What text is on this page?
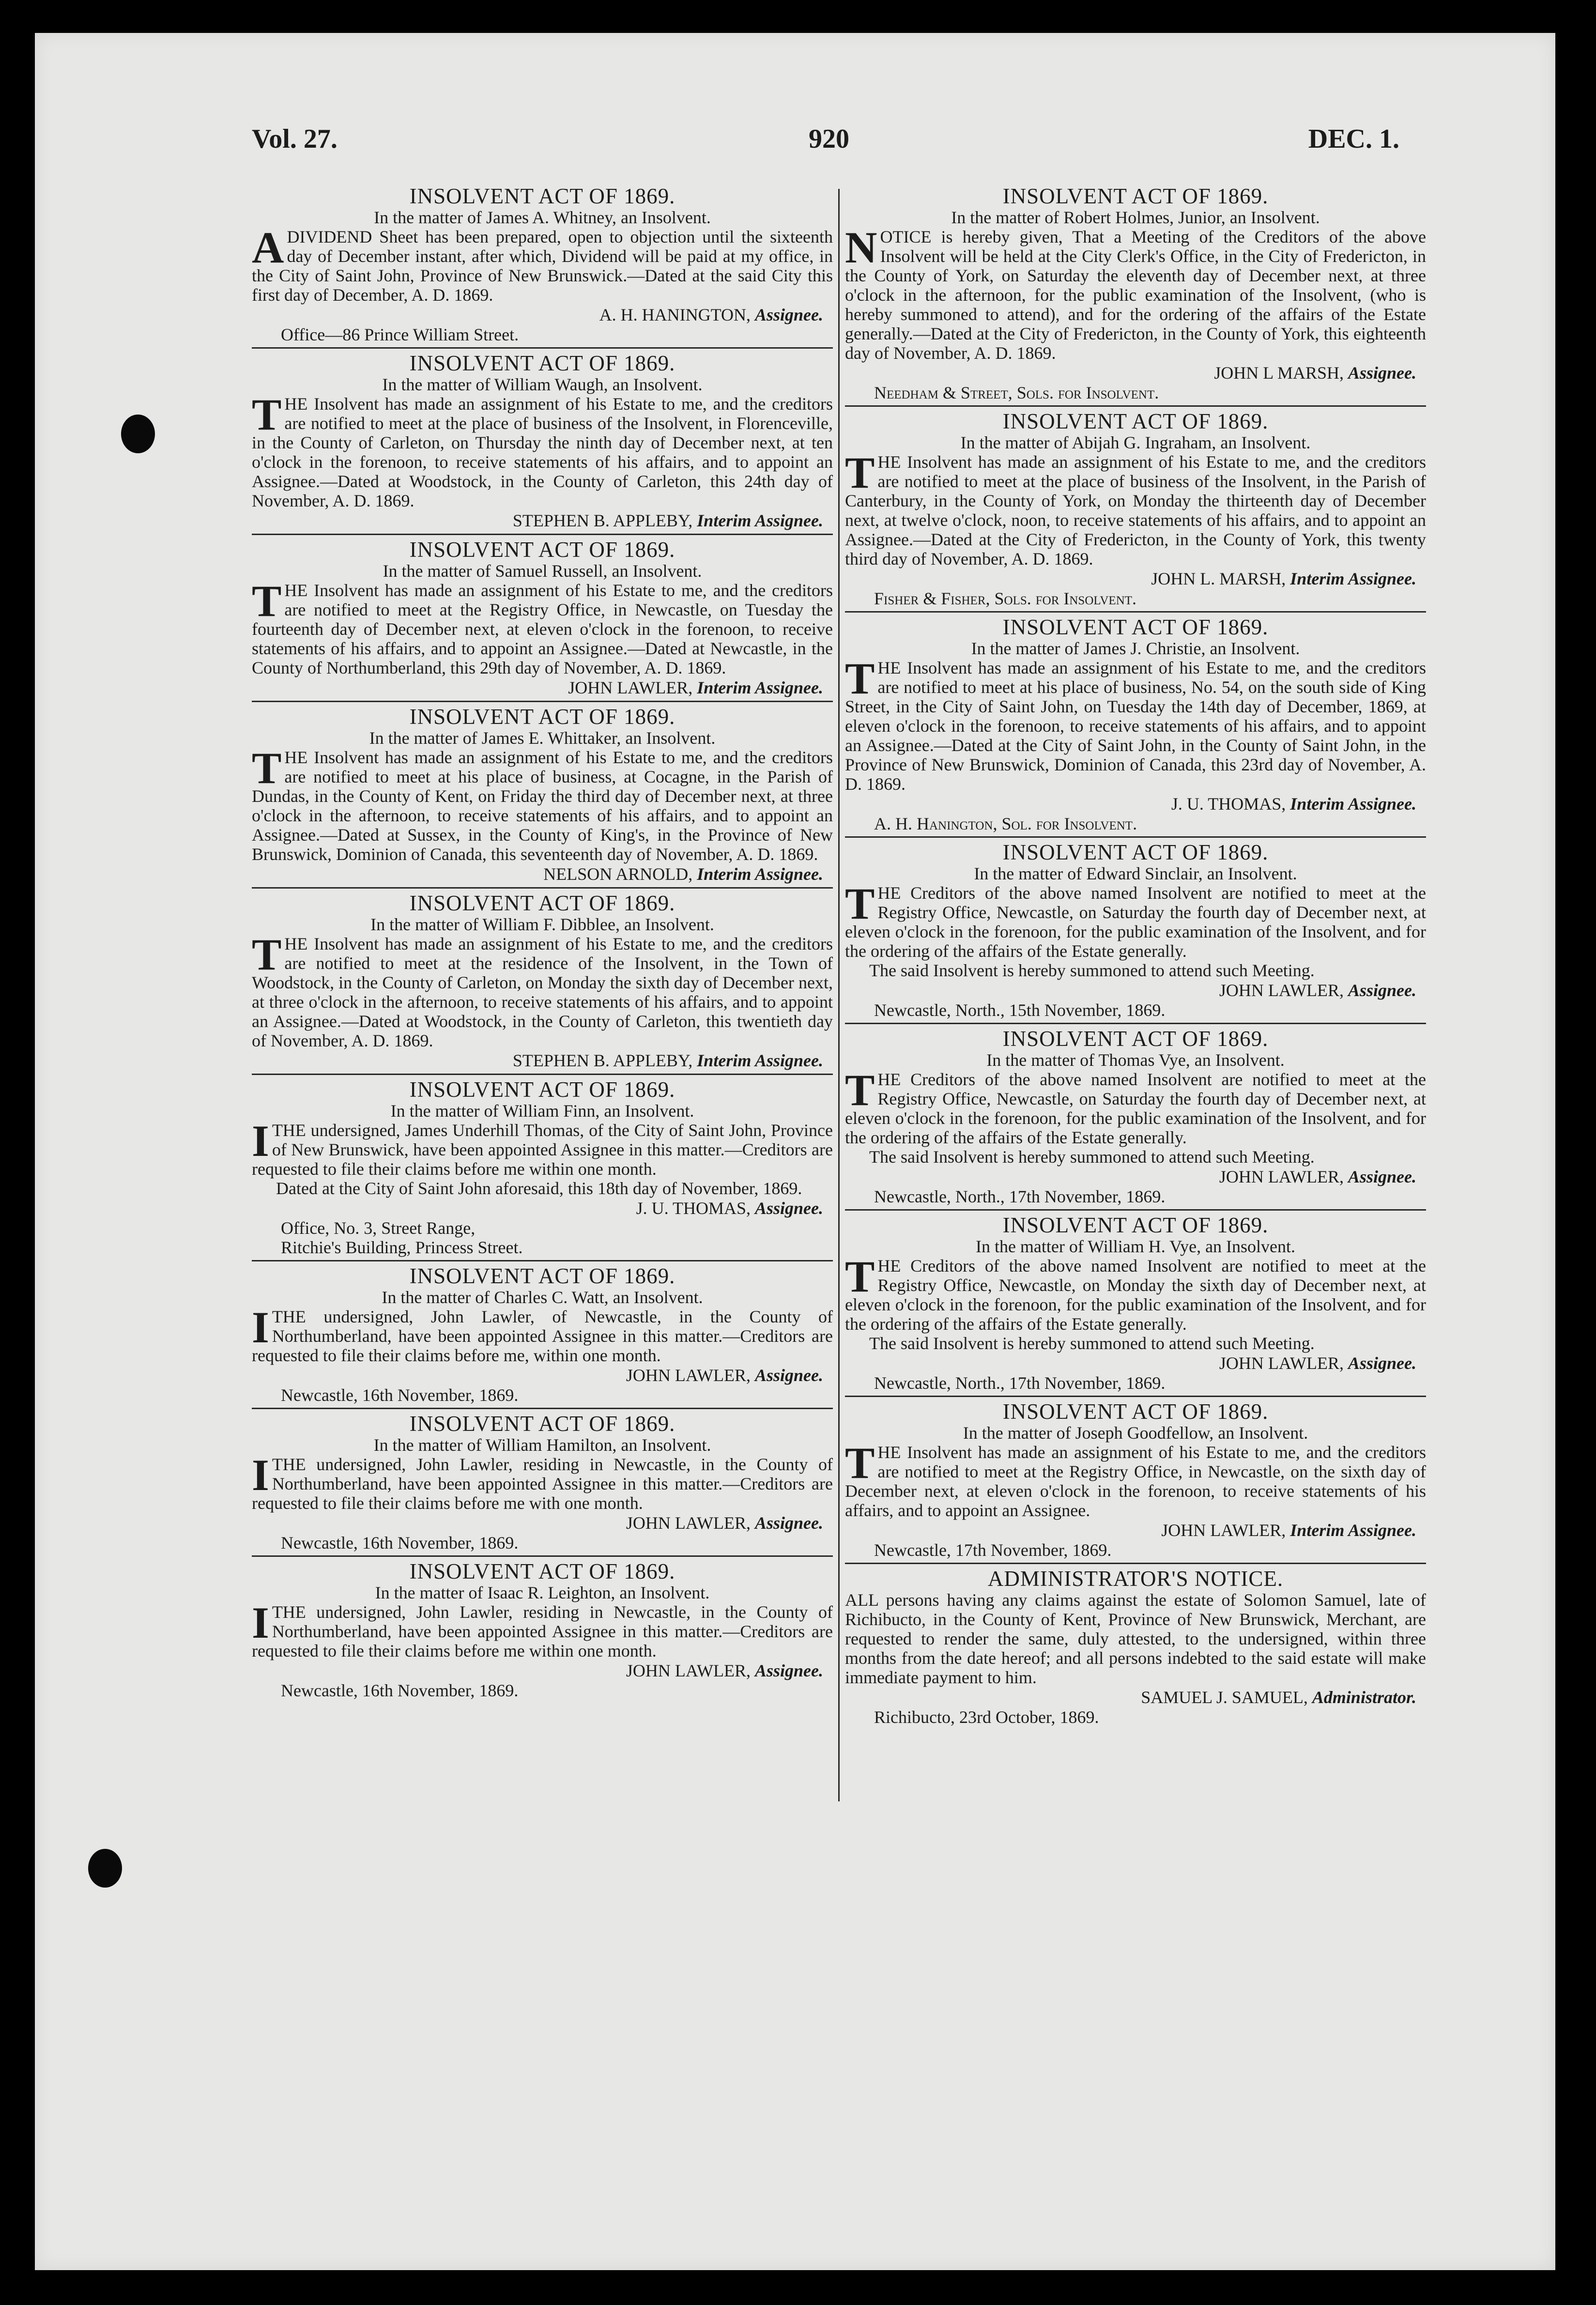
Vol. 27.	920	DEC. 1.
INSOLVENT ACT OF 1869.
In the matter of James A. Whitney, an Insolvent.
ADIVIDEND Sheet has been prepared, open to objection until the sixteenth day of December instant, after which, Dividend will be paid at my office, in the City of Saint John, Province of New Brunswick.—Dated at the said City this first day of December, A. D. 1869.
A. H. HANINGTON, Assignee.
Office—86 Prince William Street.
INSOLVENT ACT OF 1869.
In the matter of William Waugh, an Insolvent.
THE Insolvent has made an assignment of his Estate to me, and the creditors are notified to meet at the place of business of the Insolvent, in Florenceville, in the County of Carleton, on Thursday the ninth day of December next, at ten o'clock in the forenoon, to receive statements of his affairs, and to appoint an Assignee.—Dated at Woodstock, in the County of Carleton, this 24th day of November, A. D. 1869.
STEPHEN B. APPLEBY, Interim Assignee.
INSOLVENT ACT OF 1869.
In the matter of Samuel Russell, an Insolvent.
THE Insolvent has made an assignment of his Estate to me, and the creditors are notified to meet at the Registry Office, in Newcastle, on Tuesday the fourteenth day of December next, at eleven o'clock in the forenoon, to receive statements of his affairs, and to appoint an Assignee.—Dated at Newcastle, in the County of Northumberland, this 29th day of November, A. D. 1869.
JOHN LAWLER, Interim Assignee.
INSOLVENT ACT OF 1869.
In the matter of James E. Whittaker, an Insolvent.
THE Insolvent has made an assignment of his Estate to me, and the creditors are notified to meet at his place of business, at Cocagne, in the Parish of Dundas, in the County of Kent, on Friday the third day of December next, at three o'clock in the afternoon, to receive statements of his affairs, and to appoint an Assignee.—Dated at Sussex, in the County of King's, in the Province of New Brunswick, Dominion of Canada, this seventeenth day of November, A. D. 1869.
NELSON ARNOLD, Interim Assignee.
INSOLVENT ACT OF 1869.
In the matter of William F. Dibblee, an Insolvent.
THE Insolvent has made an assignment of his Estate to me, and the creditors are notified to meet at the residence of the Insolvent, in the Town of Woodstock, in the County of Carleton, on Monday the sixth day of December next, at three o'clock in the afternoon, to receive statements of his affairs, and to appoint an Assignee.—Dated at Woodstock, in the County of Carleton, this twentieth day of November, A. D. 1869.
STEPHEN B. APPLEBY, Interim Assignee.
INSOLVENT ACT OF 1869.
In the matter of William Finn, an Insolvent.
ITHE undersigned, James Underhill Thomas, of the City of Saint John, Province of New Brunswick, have been appointed Assignee in this matter.—Creditors are requested to file their claims before me within one month.
Dated at the City of Saint John aforesaid, this 18th day of November, 1869.
J. U. THOMAS, Assignee.
Office, No. 3, Street Range,
Ritchie's Building, Princess Street.
INSOLVENT ACT OF 1869.
In the matter of Charles C. Watt, an Insolvent.
ITHE undersigned, John Lawler, of Newcastle, in the County of Northumberland, have been appointed Assignee in this matter.—Creditors are requested to file their claims before me, within one month.
JOHN LAWLER, Assignee.
Newcastle, 16th November, 1869.
INSOLVENT ACT OF 1869.
In the matter of William Hamilton, an Insolvent.
ITHE undersigned, John Lawler, residing in Newcastle, in the County of Northumberland, have been appointed Assignee in this matter.—Creditors are requested to file their claims before me with one month.
JOHN LAWLER, Assignee.
Newcastle, 16th November, 1869.
INSOLVENT ACT OF 1869.
In the matter of Isaac R. Leighton, an Insolvent.
ITHE undersigned, John Lawler, residing in Newcastle, in the County of Northumberland, have been appointed Assignee in this matter.—Creditors are requested to file their claims before me within one month.
JOHN LAWLER, Assignee.
Newcastle, 16th November, 1869.
INSOLVENT ACT OF 1869.
In the matter of Robert Holmes, Junior, an Insolvent.
NOTICE is hereby given, That a Meeting of the Creditors of the above Insolvent will be held at the City Clerk's Office, in the City of Fredericton, in the County of York, on Saturday the eleventh day of December next, at three o'clock in the afternoon, for the public examination of the Insolvent, (who is hereby summoned to attend), and for the ordering of the affairs of the Estate generally.—Dated at the City of Fredericton, in the County of York, this eighteenth day of November, A. D. 1869.
JOHN L MARSH, Assignee.
Needham & Street, Sols. for Insolvent.
INSOLVENT ACT OF 1869.
In the matter of Abijah G. Ingraham, an Insolvent.
THE Insolvent has made an assignment of his Estate to me, and the creditors are notified to meet at the place of business of the Insolvent, in the Parish of Canterbury, in the County of York, on Monday the thirteenth day of December next, at twelve o'clock, noon, to receive statements of his affairs, and to appoint an Assignee.—Dated at the City of Fredericton, in the County of York, this twenty third day of November, A. D. 1869.
JOHN L. MARSH, Interim Assignee.
Fisher & Fisher, Sols. for Insolvent.
INSOLVENT ACT OF 1869.
In the matter of James J. Christie, an Insolvent.
THE Insolvent has made an assignment of his Estate to me, and the creditors are notified to meet at his place of business, No. 54, on the south side of King Street, in the City of Saint John, on Tuesday the 14th day of December, 1869, at eleven o'clock in the forenoon, to receive statements of his affairs, and to appoint an Assignee.—Dated at the City of Saint John, in the County of Saint John, in the Province of New Brunswick, Dominion of Canada, this 23rd day of November, A. D. 1869.
J. U. THOMAS, Interim Assignee.
A. H. Hanington, Sol. for Insolvent.
INSOLVENT ACT OF 1869.
In the matter of Edward Sinclair, an Insolvent.
THE Creditors of the above named Insolvent are notified to meet at the Registry Office, Newcastle, on Saturday the fourth day of December next, at eleven o'clock in the forenoon, for the public examination of the Insolvent, and for the ordering of the affairs of the Estate generally.
The said Insolvent is hereby summoned to attend such Meeting.
JOHN LAWLER, Assignee.
Newcastle, North., 15th November, 1869.
INSOLVENT ACT OF 1869.
In the matter of Thomas Vye, an Insolvent.
THE Creditors of the above named Insolvent are notified to meet at the Registry Office, Newcastle, on Saturday the fourth day of December next, at eleven o'clock in the forenoon, for the public examination of the Insolvent, and for the ordering of the affairs of the Estate generally.
The said Insolvent is hereby summoned to attend such Meeting.
JOHN LAWLER, Assignee.
Newcastle, North., 17th November, 1869.
INSOLVENT ACT OF 1869.
In the matter of William H. Vye, an Insolvent.
THE Creditors of the above named Insolvent are notified to meet at the Registry Office, Newcastle, on Monday the sixth day of December next, at eleven o'clock in the forenoon, for the public examination of the Insolvent, and for the ordering of the affairs of the Estate generally.
The said Insolvent is hereby summoned to attend such Meeting.
JOHN LAWLER, Assignee.
Newcastle, North., 17th November, 1869.
INSOLVENT ACT OF 1869.
In the matter of Joseph Goodfellow, an Insolvent.
THE Insolvent has made an assignment of his Estate to me, and the creditors are notified to meet at the Registry Office, in Newcastle, on the sixth day of December next, at eleven o'clock in the forenoon, to receive statements of his affairs, and to appoint an Assignee.
JOHN LAWLER, Interim Assignee.
Newcastle, 17th November, 1869.
ADMINISTRATOR'S NOTICE.
ALL persons having any claims against the estate of Solomon Samuel, late of Richibucto, in the County of Kent, Province of New Brunswick, Merchant, are requested to render the same, duly attested, to the undersigned, within three months from the date hereof; and all persons indebted to the said estate will make immediate payment to him.
SAMUEL J. SAMUEL, Administrator.
Richibucto, 23rd October, 1869.
